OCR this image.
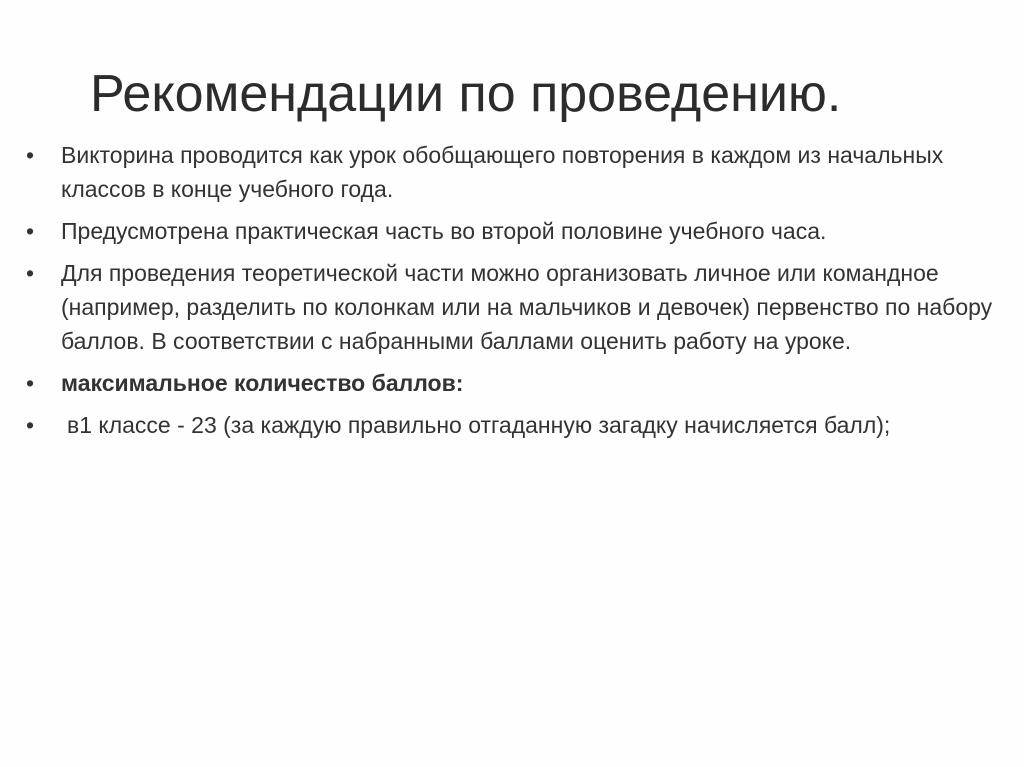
Рекомендации по проведению.
•	Викторина проводится как урок обобщающего повторения в каждом из начальных классов в конце учебного года.
•	Предусмотрена практическая часть во второй половине учебного часа.
•	Для проведения теоретической части можно организовать личное или командное (например, разделить по колонкам или на мальчиков и девочек) первенство по набору баллов. В соответствии с набранными баллами оценить работу на уроке.
•	максимальное количество баллов:
•	в1 классе - 23 (за каждую правильно отгаданную загадку начисляется балл);
